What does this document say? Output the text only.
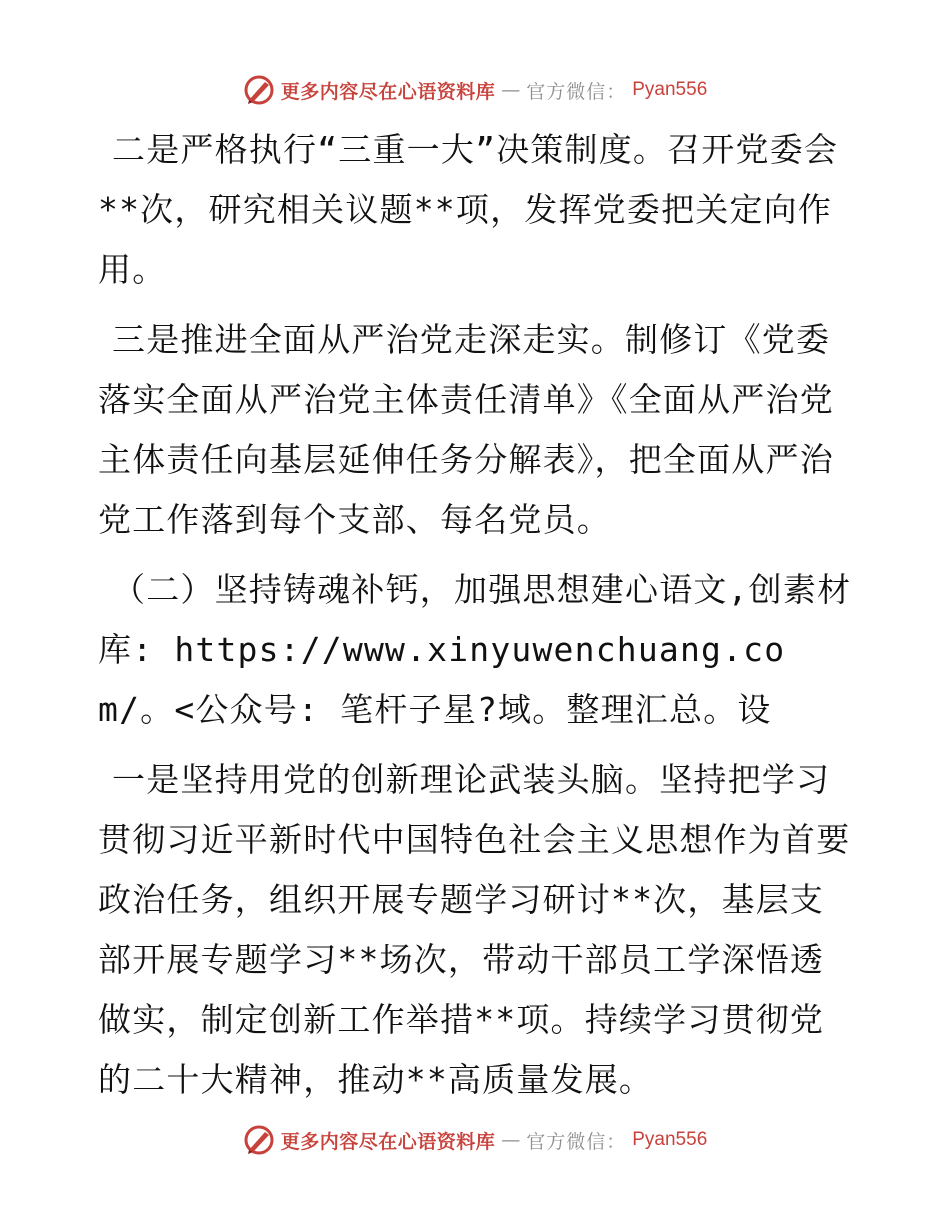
更多内容尽在心语资料库 — 官方微信： Pyan556

二是严格执行“三重一大”决策制度。召开党委会**次，研究相关议题**项，发挥党委把关定向作用。

三是推进全面从严治党走深走实。制修订《党委落实全面从严治党主体责任清单》《全面从严治党主体责任向基层延伸任务分解表》，把全面从严治党工作落到每个支部、每名党员。

（二）坚持铸魂补钙，加强思想建心语文,创素材库: https://www.xinyuwenchuang.com/。<公众号: 笔杆子星?域。整理汇总。设

一是坚持用党的创新理论武装头脑。坚持把学习贯彻习近平新时代中国特色社会主义思想作为首要政治任务，组织开展专题学习研讨**次，基层支部开展专题学习**场次，带动干部员工学深悟透做实，制定创新工作举措**项。持续学习贯彻党的二十大精神，推动**高质量发展。

更多内容尽在心语资料库 — 官方微信： Pyan556
